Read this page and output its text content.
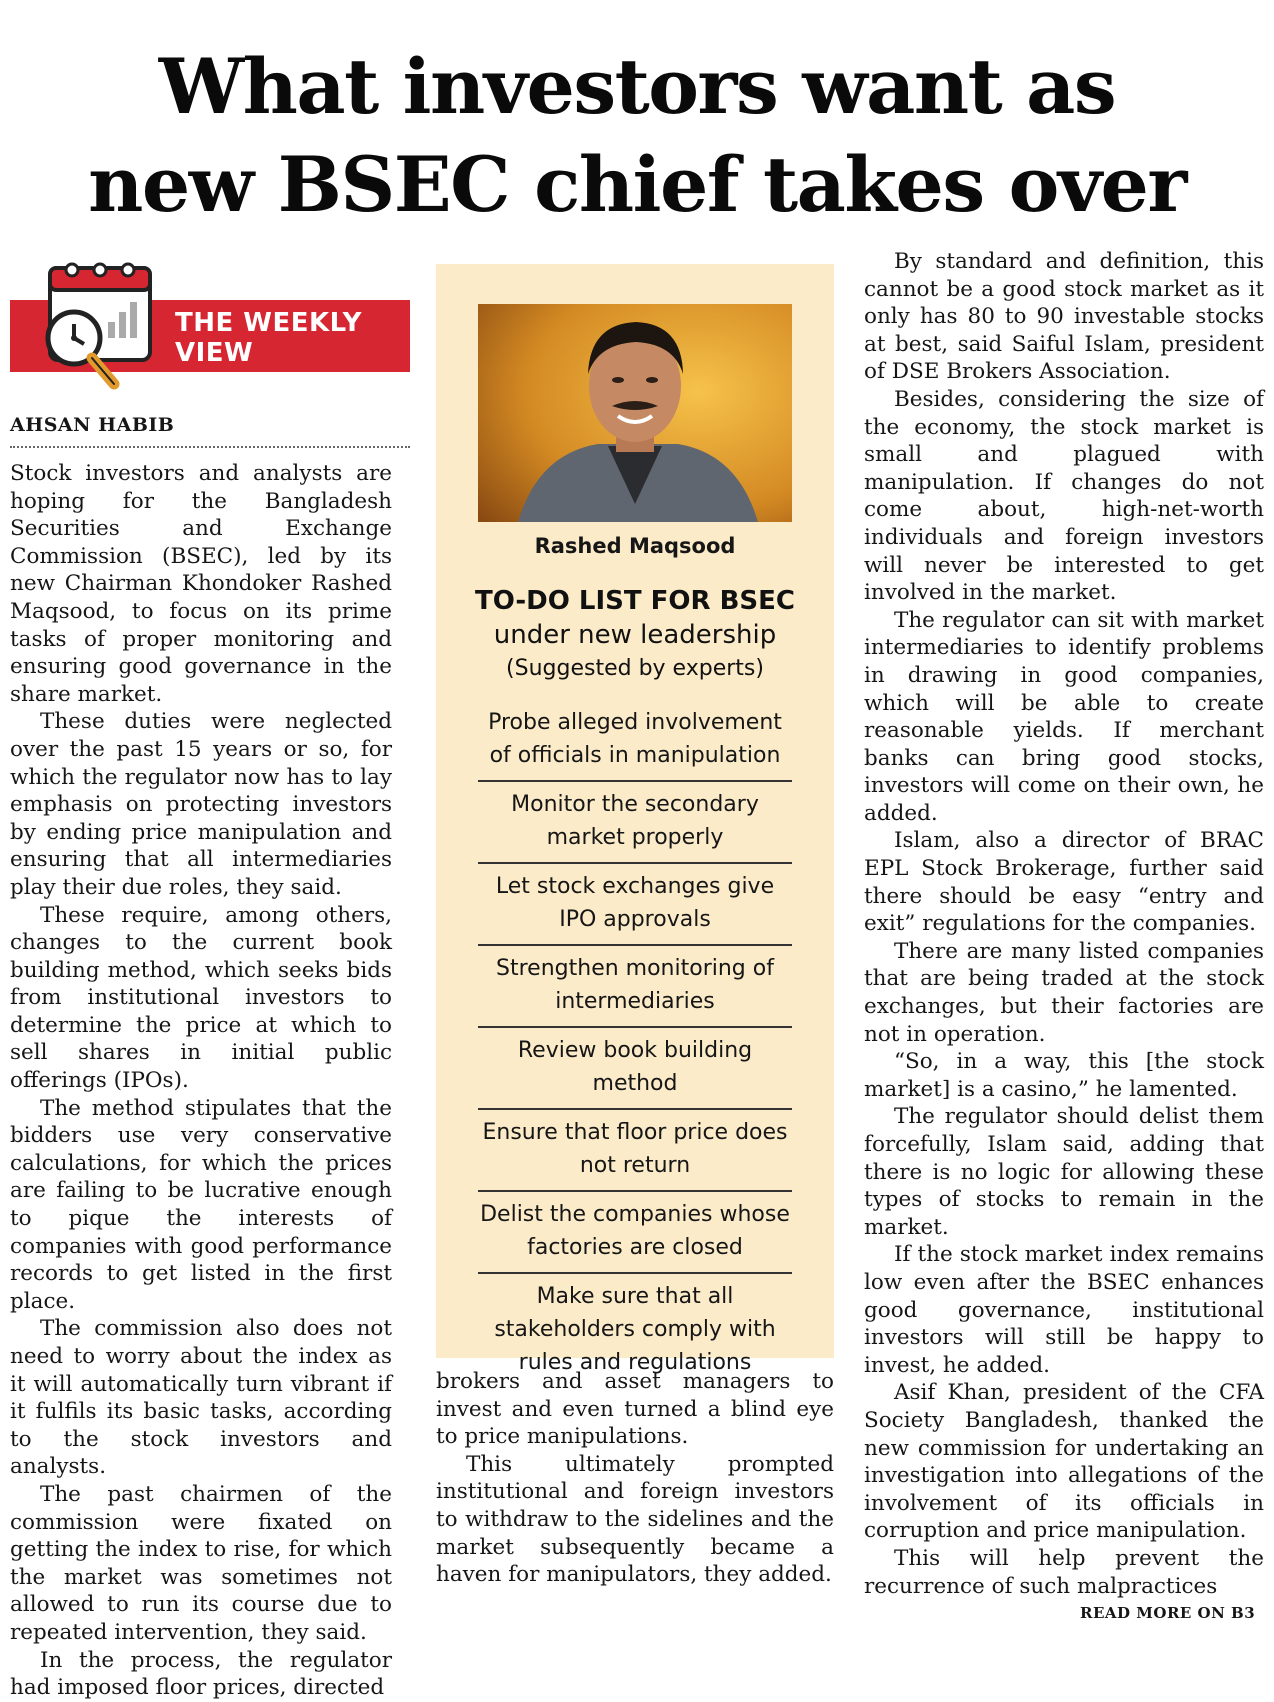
What investors want as
new BSEC chief takes over
THE WEEKLY
VIEW
AHSAN HABIB

Stock investors and analysts are hoping for the Bangladesh Securities and Exchange Commission (BSEC), led by its new Chairman Khondoker Rashed Maqsood, to focus on its prime tasks of proper monitoring and ensuring good governance in the share market.

These duties were neglected over the past 15 years or so, for which the regulator now has to lay emphasis on protecting investors by ending price manipulation and ensuring that all intermediaries play their due roles, they said.

These require, among others, changes to the current book building method, which seeks bids from institutional investors to determine the price at which to sell shares in initial public offerings (IPOs).

The method stipulates that the bidders use very conservative calculations, for which the prices are failing to be lucrative enough to pique the interests of companies with good performance records to get listed in the first place.

The commission also does not need to worry about the index as it will automatically turn vibrant if it fulfils its basic tasks, according to the stock investors and analysts.

The past chairmen of the commission were fixated on getting the index to rise, for which the market was sometimes not allowed to run its course due to repeated intervention, they said.

In the process, the regulator had imposed floor prices, directed

Rashed Maqsood
TO-DO LIST FOR BSEC
under new leadership
(Suggested by experts)
Probe alleged involvement of officials in manipulation
Monitor the secondary market properly
Let stock exchanges give IPO approvals
Strengthen monitoring of intermediaries
Review book building method
Ensure that floor price does not return
Delist the companies whose factories are closed
Make sure that all stakeholders comply with rules and regulations

brokers and asset managers to invest and even turned a blind eye to price manipulations.

This ultimately prompted institutional and foreign investors to withdraw to the sidelines and the market subsequently became a haven for manipulators, they added.

By standard and definition, this cannot be a good stock market as it only has 80 to 90 investable stocks at best, said Saiful Islam, president of DSE Brokers Association.

Besides, considering the size of the economy, the stock market is small and plagued with manipulation. If changes do not come about, high-net-worth individuals and foreign investors will never be interested to get involved in the market.

The regulator can sit with market intermediaries to identify problems in drawing in good companies, which will be able to create reasonable yields. If merchant banks can bring good stocks, investors will come on their own, he added.

Islam, also a director of BRAC EPL Stock Brokerage, further said there should be easy “entry and exit” regulations for the companies.

There are many listed companies that are being traded at the stock exchanges, but their factories are not in operation.

“So, in a way, this [the stock market] is a casino,” he lamented.

The regulator should delist them forcefully, Islam said, adding that there is no logic for allowing these types of stocks to remain in the market.

If the stock market index remains low even after the BSEC enhances good governance, institutional investors will still be happy to invest, he added.

Asif Khan, president of the CFA Society Bangladesh, thanked the new commission for undertaking an investigation into allegations of the involvement of its officials in corruption and price manipulation.

This will help prevent the recurrence of such malpractices

READ MORE ON B3
